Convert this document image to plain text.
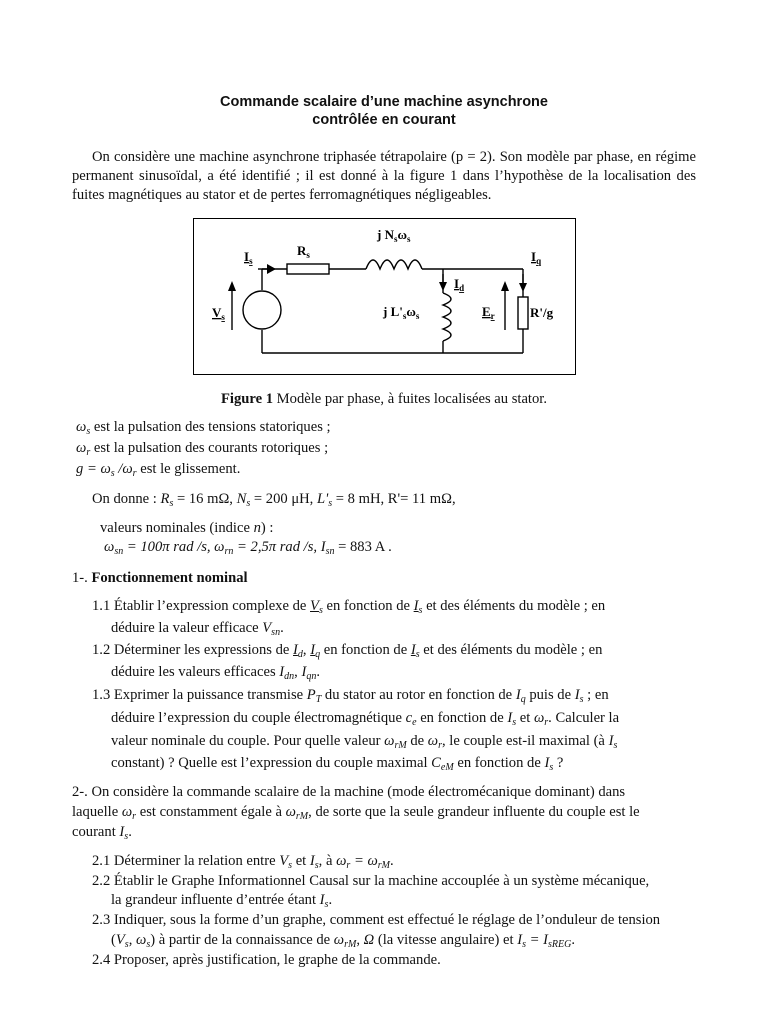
Commande scalaire d’une machine asynchrone
contrôlée en courant
On considère une machine asynchrone triphasée tétrapolaire (p = 2). Son modèle par phase, en régime permanent sinusoïdal, a été identifié ; il est donné à la figure 1 dans l’hypothèse de la localisation des fuites magnétiques au stator et de pertes ferromagnétiques négligeables.
$I_s$
$R_s$
j $N_s\omega_s$
$I_q$
$I_d$
$V_s$	j $L'_s\omega_s$	$E_r$	R'/g
Figure 1 Modèle par phase, à fuites localisées au stator.
$\omega_s$ est la pulsation des tensions statoriques ;
$\omega_r$ est la pulsation des courants rotoriques ;
$g = \omega_s$ $/\omega_r$ est le glissement.
On donne : $R_s = 16$ mΩ, $N_s = 200$ μH, $L'_s = 8$ mH, R'= 11 mΩ,
valeurs nominales (indice n) :
$\omega_{sn} = 100\pi$ rad /s, $\omega_{rn} = 2,5\pi$ rad /s, $I_{sn} = 883$ A .
1-. Fonctionnement nominal
1.1 Établir l’expression complexe de $V_s$ en fonction de $I_s$ et des éléments du modèle ; en
déduire la valeur efficace $V_{sn}$.
1.2 Déterminer les expressions de $I_d$, $I_q$ en fonction de $I_s$ et des éléments du modèle ; en
déduire les valeurs efficaces $I_{dn}$, $I_{qn}$.
1.3 Exprimer la puissance transmise $P_T$ du stator au rotor en fonction de $I_q$ puis de $I_s$ ; en
déduire l’expression du couple électromagnétique $c_e$ en fonction de $I_s$ et $\omega_r$. Calculer la
valeur nominale du couple. Pour quelle valeur $\omega_{rM}$ de $\omega_r$, le couple est-il maximal (à $I_s$
constant) ? Quelle est l’expression du couple maximal $C_{eM}$ en fonction de $I_s$ ?
2-. On considère la commande scalaire de la machine (mode électromécanique dominant) dans
laquelle $\omega_r$ est constamment égale à $\omega_{rM}$, de sorte que la seule grandeur influente du couple est le
courant $I_s$.
2.1 Déterminer la relation entre $V_s$ et $I_s$, à $\omega_r = \omega_{rM}$.
2.2 Établir le Graphe Informationnel Causal sur la machine accouplée à un système mécanique,
la grandeur influente d’entrée étant $I_s$.
2.3 Indiquer, sous la forme d’un graphe, comment est effectué le réglage de l’onduleur de tension
($V_s$, $\omega_s$) à partir de la connaissance de $\omega_{rM}$, Ω (la vitesse angulaire) et $I_s = I_{sREG}$.
2.4 Proposer, après justification, le graphe de la commande.
